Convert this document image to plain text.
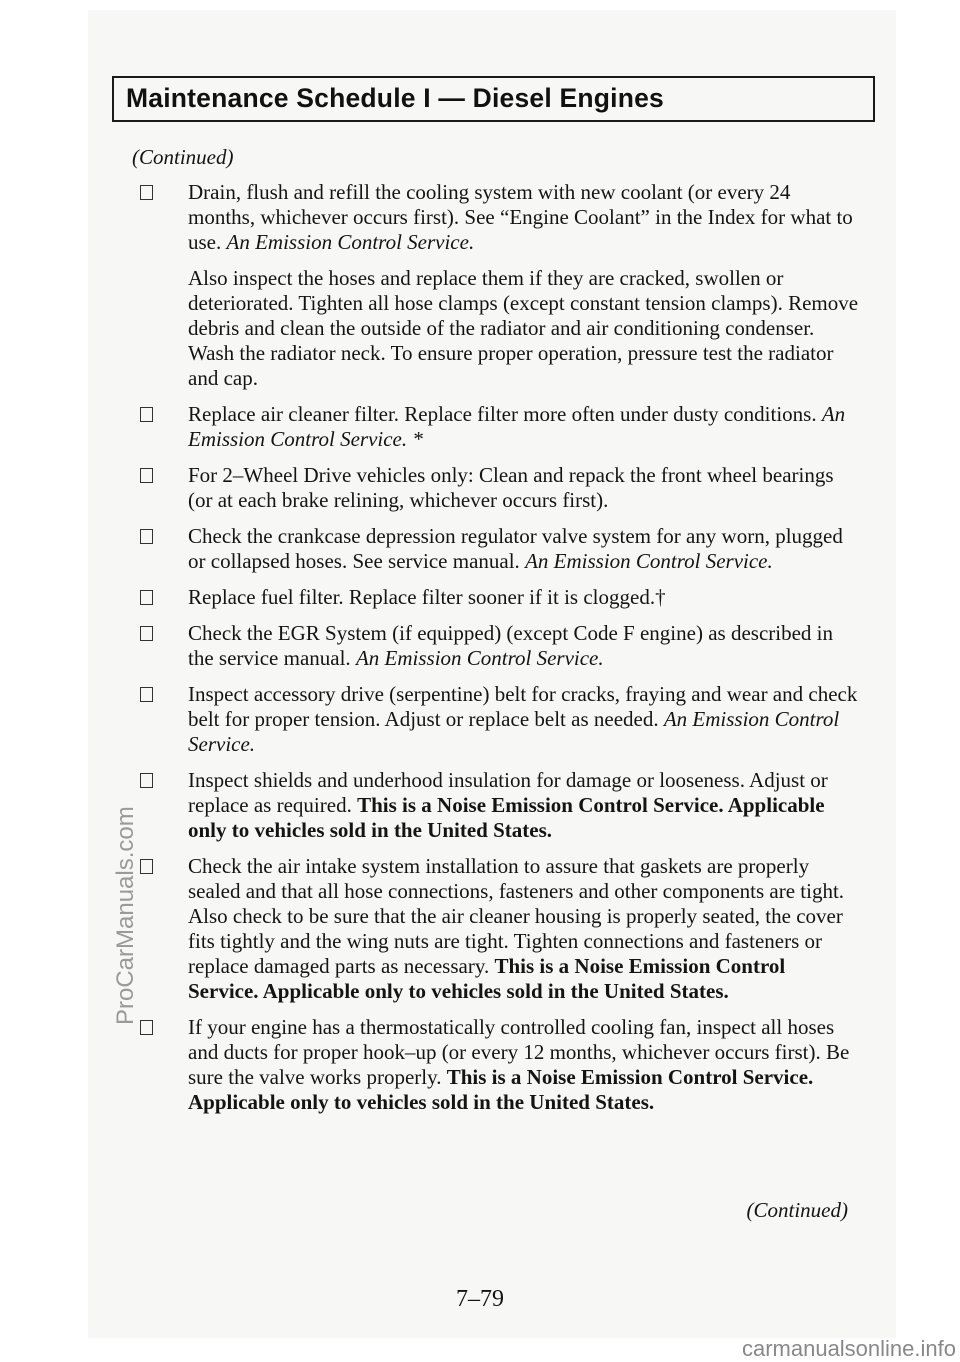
Maintenance Schedule I — Diesel Engines
(Continued)

Drain, flush and refill the cooling system with new coolant (or every 24 months, whichever occurs first). See “Engine Coolant” in the Index for what to use. An Emission Control Service.

Also inspect the hoses and replace them if they are cracked, swollen or deteriorated. Tighten all hose clamps (except constant tension clamps). Remove debris and clean the outside of the radiator and air conditioning condenser. Wash the radiator neck. To ensure proper operation, pressure test the radiator and cap.

Replace air cleaner filter. Replace filter more often under dusty conditions. An Emission Control Service. *

For 2–Wheel Drive vehicles only: Clean and repack the front wheel bearings (or at each brake relining, whichever occurs first).

Check the crankcase depression regulator valve system for any worn, plugged or collapsed hoses. See service manual. An Emission Control Service.

Replace fuel filter. Replace filter sooner if it is clogged.†

Check the EGR System (if equipped) (except Code F engine) as described in the service manual. An Emission Control Service.

Inspect accessory drive (serpentine) belt for cracks, fraying and wear and check belt for proper tension. Adjust or replace belt as needed. An Emission Control Service.

Inspect shields and underhood insulation for damage or looseness. Adjust or replace as required. This is a Noise Emission Control Service. Applicable only to vehicles sold in the United States.

Check the air intake system installation to assure that gaskets are properly sealed and that all hose connections, fasteners and other components are tight. Also check to be sure that the air cleaner housing is properly seated, the cover fits tightly and the wing nuts are tight. Tighten connections and fasteners or replace damaged parts as necessary. This is a Noise Emission Control Service. Applicable only to vehicles sold in the United States.

If your engine has a thermostatically controlled cooling fan, inspect all hoses and ducts for proper hook–up (or every 12 months, whichever occurs first). Be sure the valve works properly. This is a Noise Emission Control Service. Applicable only to vehicles sold in the United States.

(Continued)
7–79
ProCarManuals.com
carmanualsonline.info
